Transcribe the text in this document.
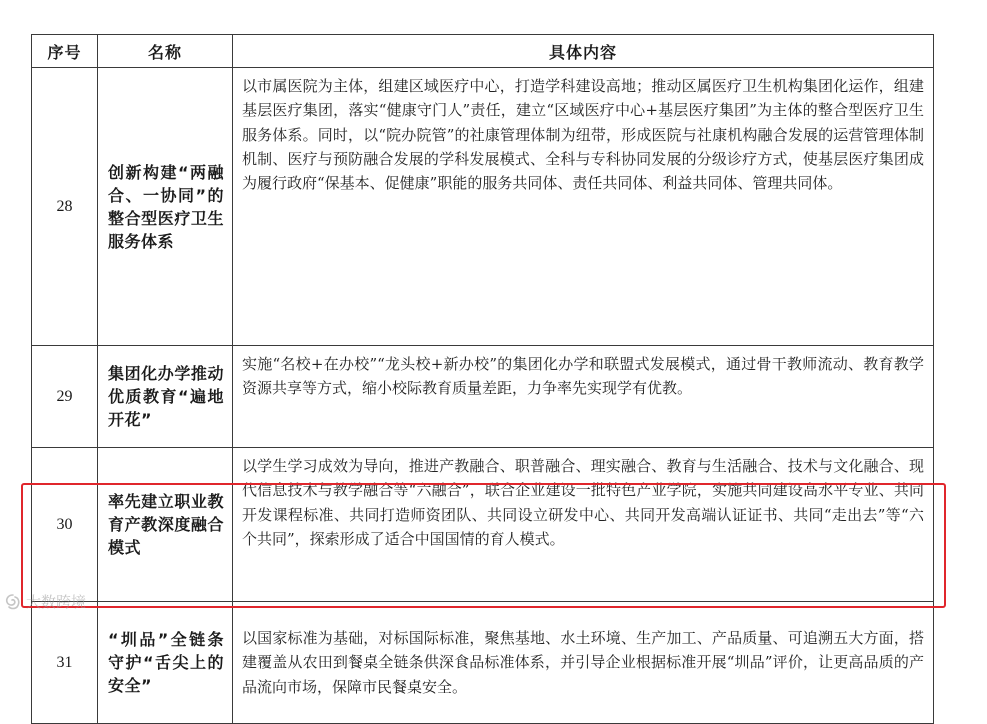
序号	名称	具体内容
28	创新构建“两融合、一协同”的整合型医疗卫生服务体系	以市属医院为主体，组建区域医疗中心，打造学科建设高地；推动区属医疗卫生机构集团化运作，组建基层医疗集团，落实“健康守门人”责任，建立“区域医疗中心+基层医疗集团”为主体的整合型医疗卫生服务体系。同时，以“院办院管”的社康管理体制为纽带，形成医院与社康机构融合发展的运营管理体制机制、医疗与预防融合发展的学科发展模式、全科与专科协同发展的分级诊疗方式，使基层医疗集团成为履行政府“保基本、促健康”职能的服务共同体、责任共同体、利益共同体、管理共同体。

29	集团化办学推动优质教育“遍地开花”	实施“名校+在办校”“龙头校+新办校”的集团化办学和联盟式发展模式，通过骨干教师流动、教育教学资源共享等方式，缩小校际教育质量差距，力争率先实现学有优教。

30	率先建立职业教育产教深度融合模式	以学生学习成效为导向，推进产教融合、职普融合、理实融合、教育与生活融合、技术与文化融合、现代信息技术与教学融合等“六融合”，联合企业建设一批特色产业学院，实施共同建设高水平专业、共同开发课程标准、共同打造师资团队、共同设立研发中心、共同开发高端认证证书、共同“走出去”等“六个共同”，探索形成了适合中国国情的育人模式。

31	“圳品”全链条守护“舌尖上的安全”	以国家标准为基础，对标国际标准，聚焦基地、水土环境、生产加工、产品质量、可追溯五大方面，搭建覆盖从农田到餐桌全链条供深食品标准体系，并引导企业根据标准开展“圳品”评价，让更高品质的产品流向市场，保障市民餐桌安全。
大数跨境
